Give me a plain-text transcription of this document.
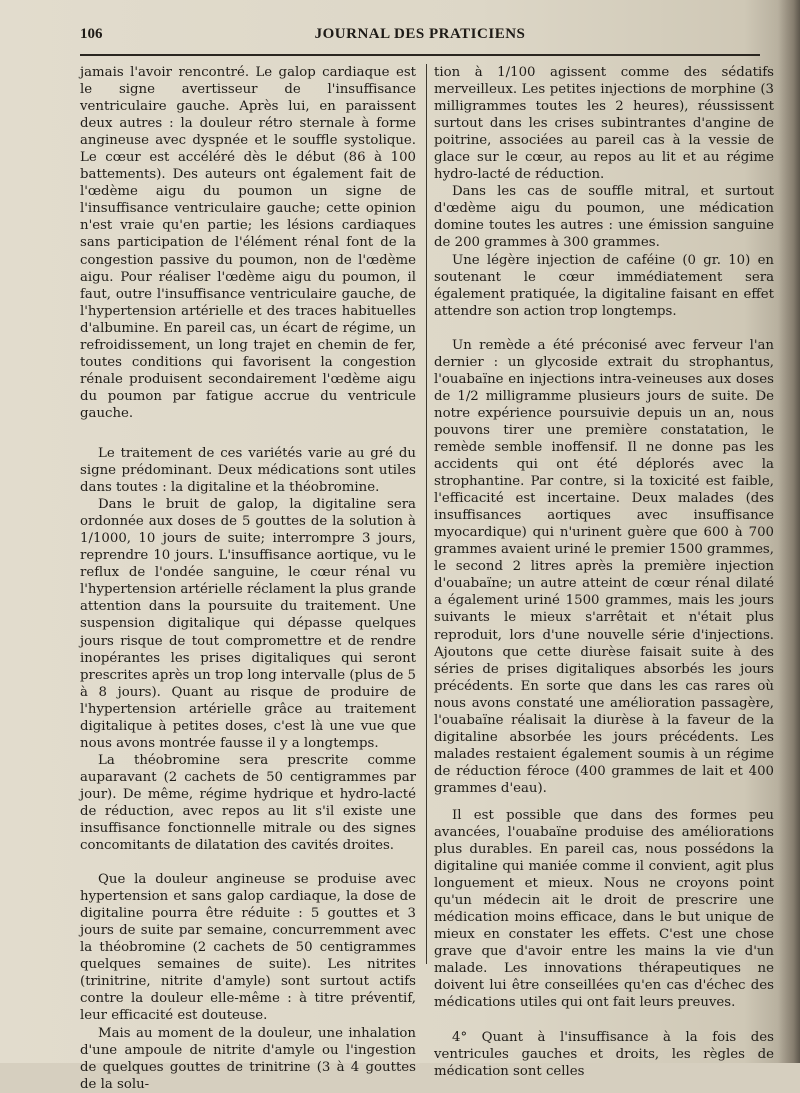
106	JOURNAL DES PRATICIENS

jamais l'avoir rencontré. Le galop cardiaque est le signe avertisseur de l'insuffisance ventriculaire gauche. Après lui, en paraissent deux autres : la douleur rétro sternale à forme angineuse avec dyspnée et le souffle systolique. Le cœur est accéléré dès le début (86 à 100 battements). Des auteurs ont également fait de l'œdème aigu du poumon un signe de l'insuffisance ventriculaire gauche; cette opinion n'est vraie qu'en partie; les lésions cardiaques sans participation de l'élément rénal font de la congestion passive du poumon, non de l'œdème aigu. Pour réaliser l'œdème aigu du poumon, il faut, outre l'insuffisance ventriculaire gauche, de l'hypertension artérielle et des traces habituelles d'albumine. En pareil cas, un écart de régime, un refroidissement, un long trajet en chemin de fer, toutes conditions qui favorisent la congestion rénale produisent secondairement l'œdème aigu du poumon par fatigue accrue du ventricule gauche.

Le traitement de ces variétés varie au gré du signe prédominant. Deux médications sont utiles dans toutes : la digitaline et la théobromine.

Dans le bruit de galop, la digitaline sera ordonnée aux doses de 5 gouttes de la solution à 1/1000, 10 jours de suite; interrompre 3 jours, reprendre 10 jours. L'insuffisance aortique, vu le reflux de l'ondée sanguine, le cœur rénal vu l'hypertension artérielle réclament la plus grande attention dans la poursuite du traitement. Une suspension digitalique qui dépasse quelques jours risque de tout compromettre et de rendre inopérantes les prises digitaliques qui seront prescrites après un trop long intervalle (plus de 5 à 8 jours). Quant au risque de produire de l'hypertension artérielle grâce au traitement digitalique à petites doses, c'est là une vue que nous avons montrée fausse il y a longtemps.

La théobromine sera prescrite comme auparavant (2 cachets de 50 centigrammes par jour). De même, régime hydrique et hydro-lacté de réduction, avec repos au lit s'il existe une insuffisance fonctionnelle mitrale ou des signes concomitants de dilatation des cavités droites.

Que la douleur angineuse se produise avec hypertension et sans galop cardiaque, la dose de digitaline pourra être réduite : 5 gouttes et 3 jours de suite par semaine, concurremment avec la théobromine (2 cachets de 50 centigrammes quelques semaines de suite). Les nitrites (trinitrine, nitrite d'amyle) sont surtout actifs contre la douleur elle-même : à titre préventif, leur efficacité est douteuse.

Mais au moment de la douleur, une inhalation d'une ampoule de nitrite d'amyle ou l'ingestion de quelques gouttes de trinitrine (3 à 4 gouttes de la solu-

tion à 1/100 agissent comme des sédatifs merveilleux. Les petites injections de morphine (3 milligrammes toutes les 2 heures), réussissent surtout dans les crises subintrantes d'angine de poitrine, associées au pareil cas à la vessie de glace sur le cœur, au repos au lit et au régime hydro-lacté de réduction.

Dans les cas de souffle mitral, et surtout d'œdème aigu du poumon, une médication domine toutes les autres : une émission sanguine de 200 grammes à 300 grammes.

Une légère injection de caféine (0 gr. 10) en soutenant le cœur immédiatement sera également pratiquée, la digitaline faisant en effet attendre son action trop longtemps.

Un remède a été préconisé avec ferveur l'an dernier : un glycoside extrait du strophantus, l'ouabaïne en injections intra-veineuses aux doses de 1/2 milligramme plusieurs jours de suite. De notre expérience poursuivie depuis un an, nous pouvons tirer une première constatation, le remède semble inoffensif. Il ne donne pas les accidents qui ont été déplorés avec la strophantine. Par contre, si la toxicité est faible, l'efficacité est incertaine. Deux malades (des insuffisances aortiques avec insuffisance myocardique) qui n'urinent guère que 600 à 700 grammes avaient uriné le premier 1500 grammes, le second 2 litres après la première injection d'ouabaïne; un autre atteint de cœur rénal dilaté a également uriné 1500 grammes, mais les jours suivants le mieux s'arrêtait et n'était plus reproduit, lors d'une nouvelle série d'injections. Ajoutons que cette diurèse faisait suite à des séries de prises digitaliques absorbés les jours précédents. En sorte que dans les cas rares où nous avons constaté une amélioration passagère, l'ouabaïne réalisait la diurèse à la faveur de la digitaline absorbée les jours précédents. Les malades restaient également soumis à un régime de réduction féroce (400 grammes de lait et 400 grammes d'eau).

Il est possible que dans des formes peu avancées, l'ouabaïne produise des améliorations plus durables. En pareil cas, nous possédons la digitaline qui maniée comme il convient, agit plus longuement et mieux. Nous ne croyons point qu'un médecin ait le droit de prescrire une médication moins efficace, dans le but unique de mieux en constater les effets. C'est une chose grave que d'avoir entre les mains la vie d'un malade. Les innovations thérapeutiques ne doivent lui être conseillées qu'en cas d'échec des médications utiles qui ont fait leurs preuves.

4° Quant à l'insuffisance à la fois des ventricules gauches et droits, les règles de médication sont celles
